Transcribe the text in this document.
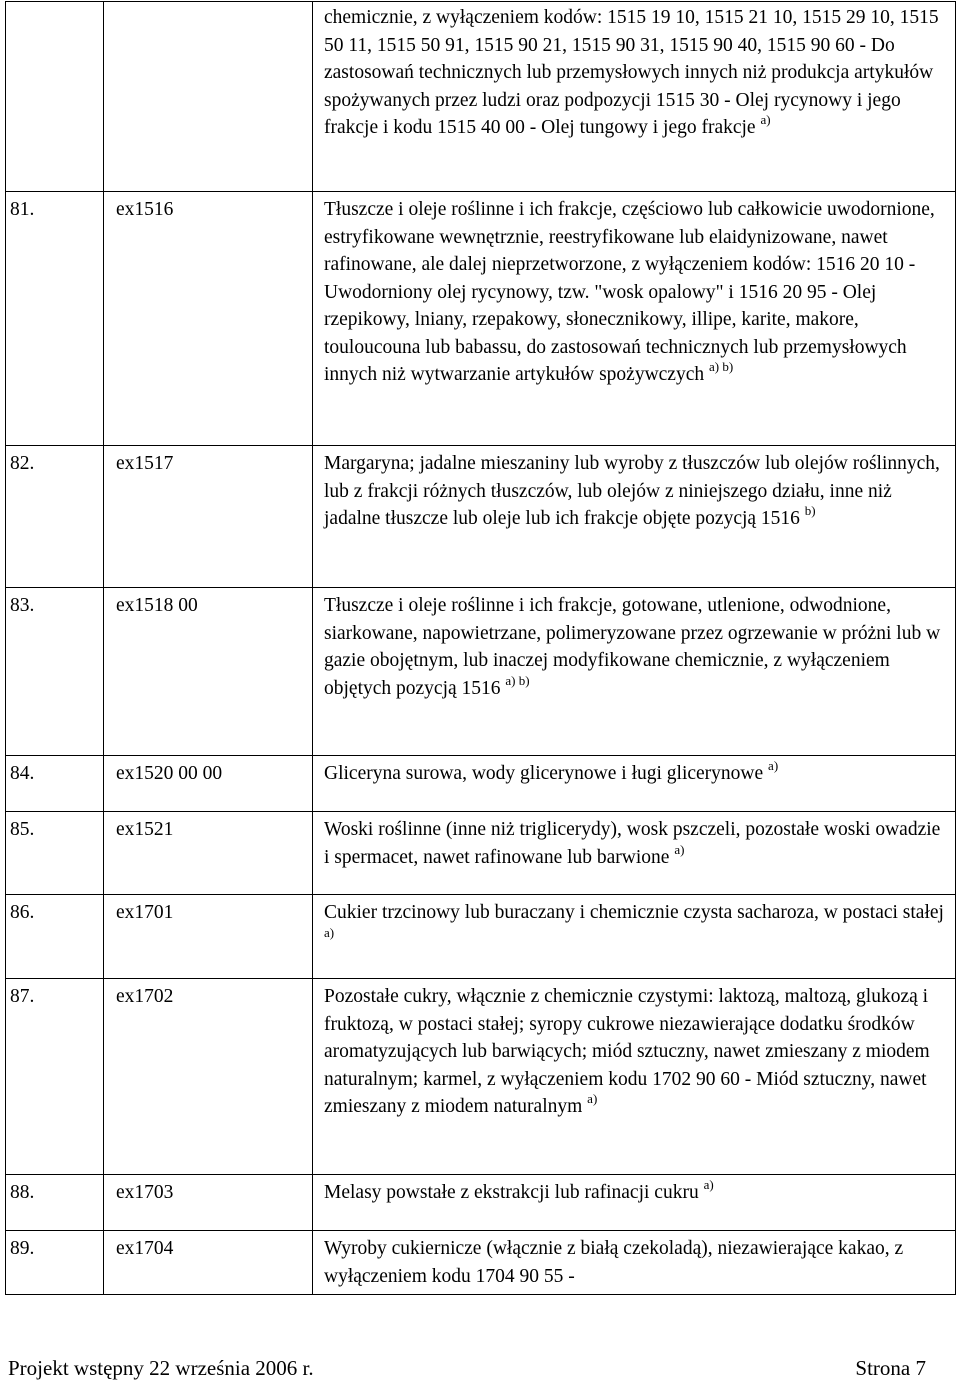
		chemicznie, z wyłączeniem kodów: 1515 19 10, 1515 21 10, 1515 29 10, 1515 50 11, 1515 50 91, 1515 90 21, 1515 90 31, 1515 90 40, 1515 90 60 - Do zastosowań technicznych lub przemysłowych innych niż produkcja artykułów spożywanych przez ludzi oraz podpozycji 1515 30 - Olej rycynowy i jego frakcje i kodu 1515 40 00 - Olej tungowy i jego frakcje $^{a)}$

81.	ex1516	Tłuszcze i oleje roślinne i ich frakcje, częściowo lub całkowicie uwodornione, estryfikowane wewnętrznie, reestryfikowane lub elaidynizowane, nawet rafinowane, ale dalej nieprzetworzone, z wyłączeniem kodów: 1516 20 10 - Uwodorniony olej rycynowy, tzw. "wosk opalowy" i 1516 20 95 - Olej rzepikowy, lniany, rzepakowy, słonecznikowy, illipe, karite, makore, touloucouna lub babassu, do zastosowań technicznych lub przemysłowych innych niż wytwarzanie artykułów spożywczych $^{a) b)}$

82.	ex1517	Margaryna; jadalne mieszaniny lub wyroby z tłuszczów lub olejów roślinnych, lub z frakcji różnych tłuszczów, lub olejów z niniejszego działu, inne niż jadalne tłuszcze lub oleje lub ich frakcje objęte pozycją 1516 $^{b)}$

83.	ex1518 00	Tłuszcze i oleje roślinne i ich frakcje, gotowane, utlenione, odwodnione, siarkowane, napowietrzane, polimeryzowane przez ogrzewanie w próżni lub w gazie obojętnym, lub inaczej modyfikowane chemicznie, z wyłączeniem objętych pozycją 1516 $^{a) b)}$

84.	ex1520 00 00	Gliceryna surowa, wody glicerynowe i ługi glicerynowe $^{a)}$

85.	ex1521	Woski roślinne (inne niż triglicerydy), wosk pszczeli, pozostałe woski owadzie i spermacet, nawet rafinowane lub barwione $^{a)}$

86.	ex1701	Cukier trzcinowy lub buraczany i chemicznie czysta sacharoza, w postaci stałej $^{a)}$

87.	ex1702	Pozostałe cukry, włącznie z chemicznie czystymi: laktozą, maltozą, glukozą i fruktozą, w postaci stałej; syropy cukrowe niezawierające dodatku środków aromatyzujących lub barwiących; miód sztuczny, nawet zmieszany z miodem naturalnym; karmel, z wyłączeniem kodu 1702 90 60 - Miód sztuczny, nawet zmieszany z miodem naturalnym $^{a)}$

88.	ex1703	Melasy powstałe z ekstrakcji lub rafinacji cukru $^{a)}$

89.	ex1704	Wyroby cukiernicze (włącznie z białą czekoladą), niezawierające kakao, z wyłączeniem kodu 1704 90 55 -
Projekt wstępny 22 września 2006 r.	Strona 7
